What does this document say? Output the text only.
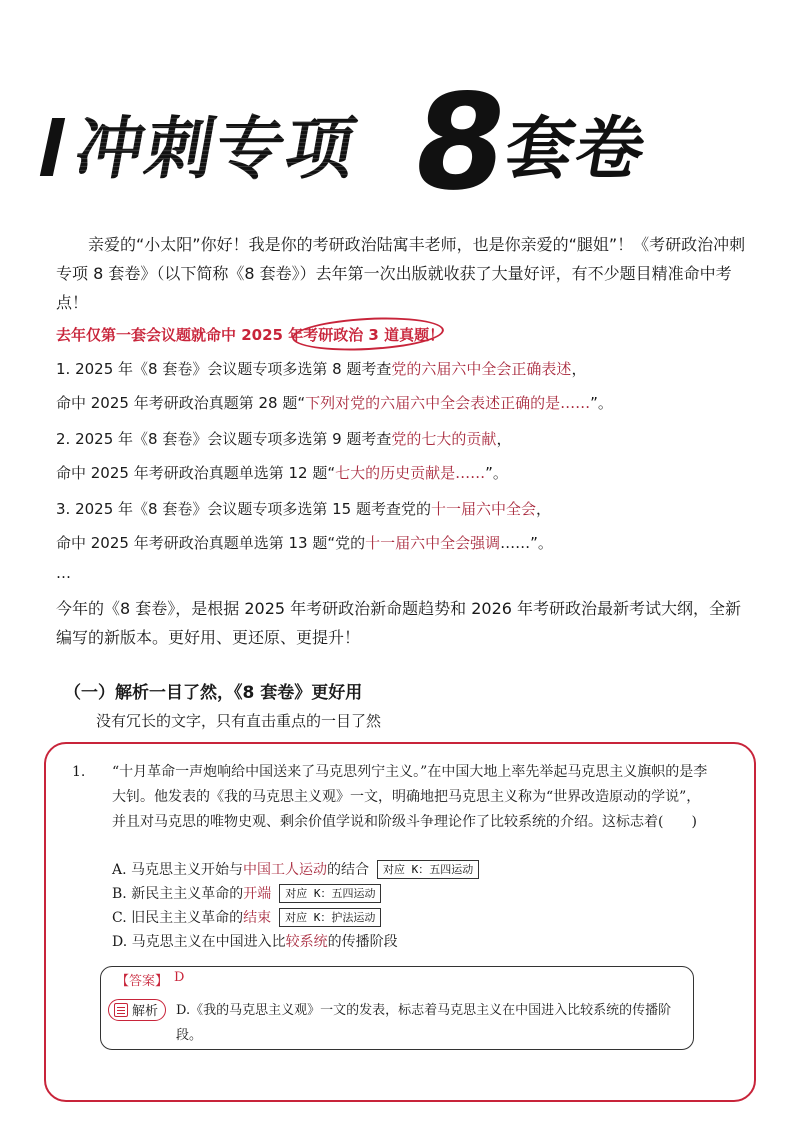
冲刺专项 8
套卷
亲爱的“小太阳”你好！我是你的考研政治陆寓丰老师，也是你亲爱的“腿姐”！《考研政治冲刺专项 8 套卷》（以下简称《8 套卷》）去年第一次出版就收获了大量好评，有不少题目精准命中考点！
去年仅第一套会议题就命中 2025 年考研政治 3 道真题！
1. 2025 年《8 套卷》会议题专项多选第 8 题考查党的六届六中全会正确表述，
命中 2025 年考研政治真题第 28 题“下列对党的六届六中全会表述正确的是……”。
2. 2025 年《8 套卷》会议题专项多选第 9 题考查党的七大的贡献，
命中 2025 年考研政治真题单选第 12 题“七大的历史贡献是……”。
3. 2025 年《8 套卷》会议题专项多选第 15 题考查党的十一届六中全会，
命中 2025 年考研政治真题单选第 13 题“党的十一届六中全会强调……”。
…
今年的《8 套卷》，是根据 2025 年考研政治新命题趋势和 2026 年考研政治最新考试大纲，全新编写的新版本。更好用、更还原、更提升！
（一）解析一目了然，《8 套卷》更好用
没有冗长的文字，只有直击重点的一目了然
1.	“十月革命一声炮响给中国送来了马克思列宁主义。”在中国大地上率先举起马克思主义旗帜的是李大钊。他发表的《我的马克思主义观》一文，明确地把马克思主义称为“世界改造原动的学说”，并且对马克思的唯物史观、剩余价值学说和阶级斗争理论作了比较系统的介绍。这标志着(　　)
A. 马克思主义开始与中国工人运动的结合 对应 K：五四运动
B. 新民主主义革命的开端 对应 K：五四运动
C. 旧民主主义革命的结束 对应 K：护法运动
D. 马克思主义在中国进入比较系统的传播阶段
【答案】 D
解析 D.《我的马克思主义观》一文的发表，标志着马克思主义在中国进入比较系统的传播阶段。
